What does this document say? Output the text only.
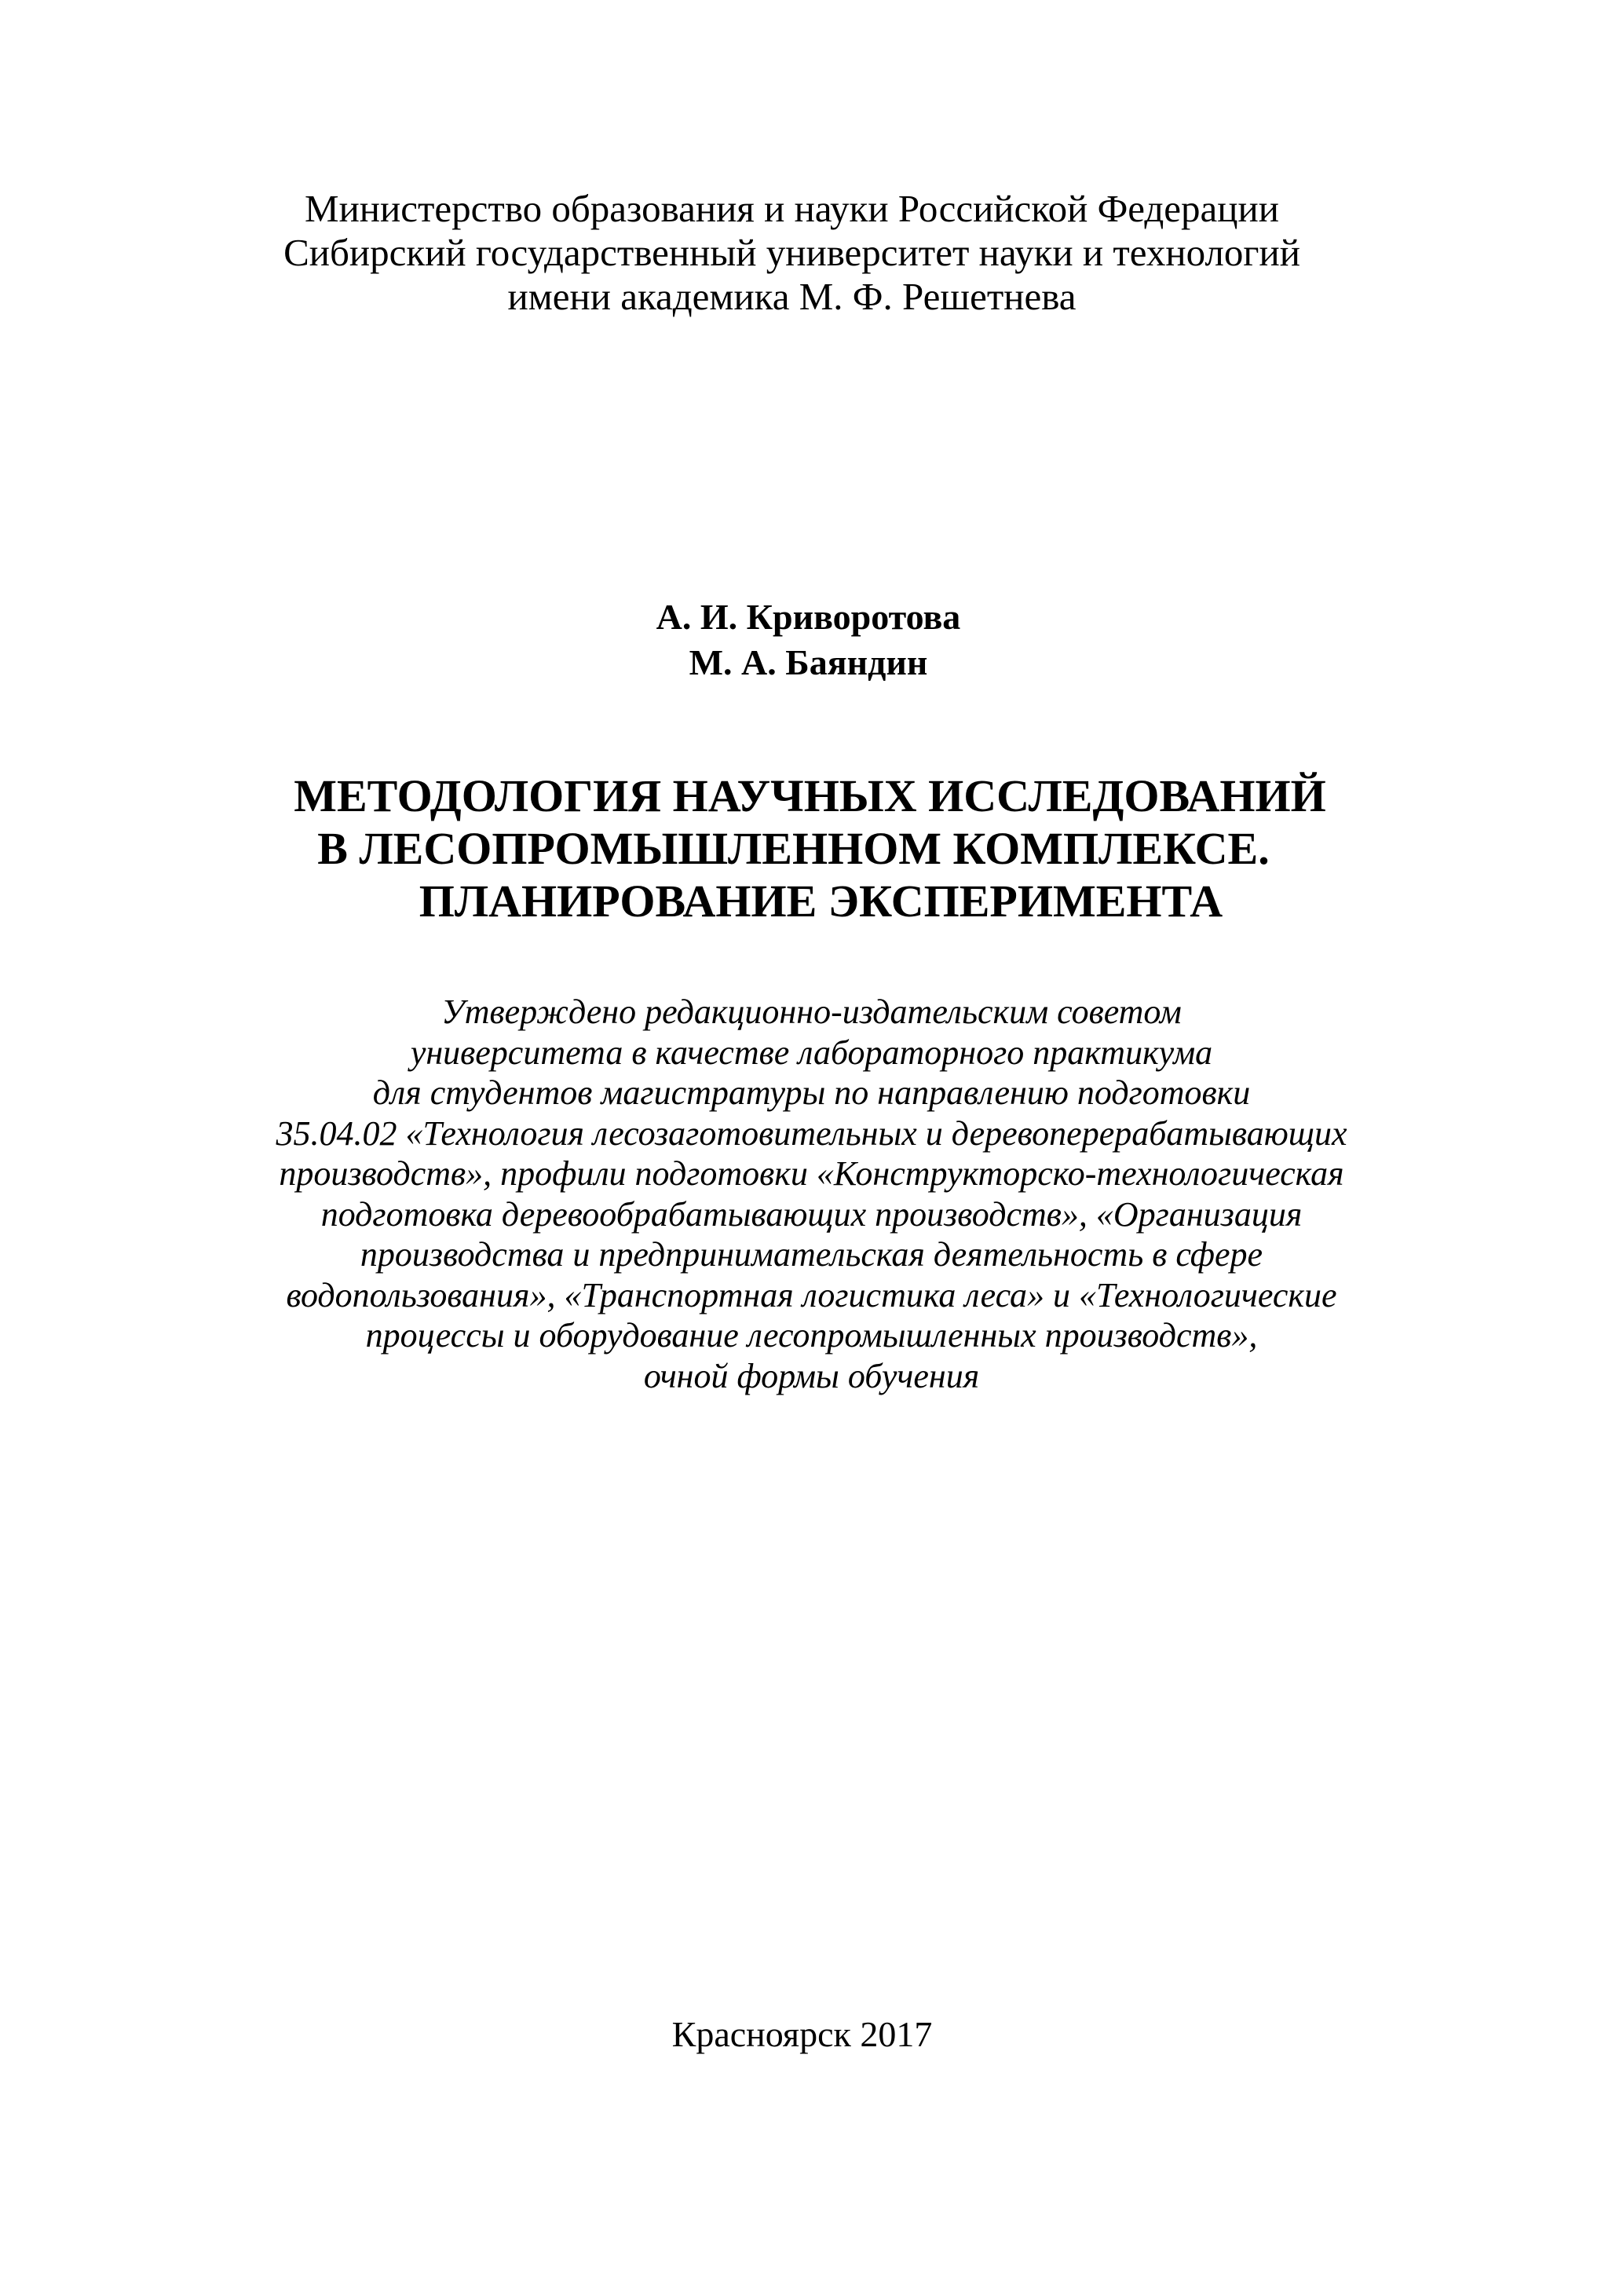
Министерство образования и науки Российской Федерации
Сибирский государственный университет науки и технологий
имени академика М. Ф. Решетнева
А. И. Криворотова
М. А. Баяндин
МЕТОДОЛОГИЯ НАУЧНЫХ ИССЛЕДОВАНИЙ
В ЛЕСОПРОМЫШЛЕННОМ КОМПЛЕКСЕ.
ПЛАНИРОВАНИЕ ЭКСПЕРИМЕНТА
Утверждено редакционно-издательским советом
университета в качестве лабораторного практикума
для студентов магистратуры по направлению подготовки
35.04.02 «Технология лесозаготовительных и деревоперерабатывающих
производств», профили подготовки «Конструкторско-технологическая
подготовка деревообрабатывающих производств», «Организация
производства и предпринимательская деятельность в сфере
водопользования», «Транспортная логистика леса» и «Технологические
процессы и оборудование лесопромышленных производств»,
очной формы обучения
Красноярск 2017
